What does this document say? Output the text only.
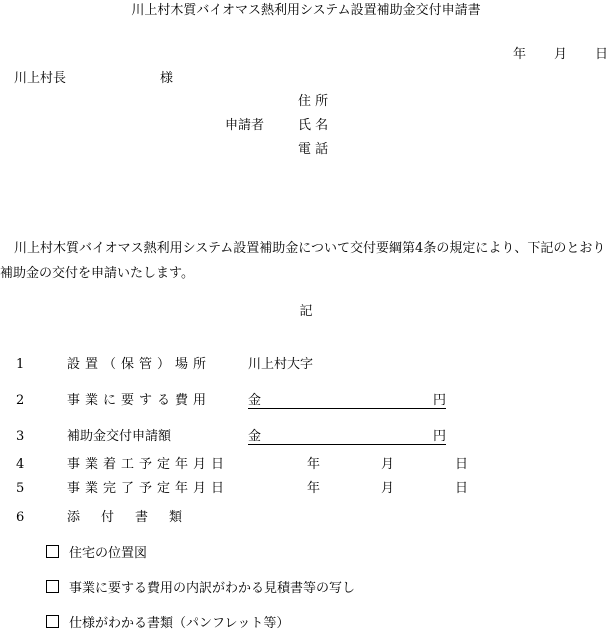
川上村木質バイオマス熱利用システム設置補助金交付申請書
年 月 日
川上村長	様
申請者
住 所
氏 名
電 話
川上村木質バイオマス熱利用システム設置補助金について交付要綱第4条の規定により、下記のとおり補助金の交付を申請いたします。
記
1	設置（保管）場所	川上村大字
2	事業に要する費用	金	円
3	補助金交付申請額	金	円
4	事業着工予定年月日	年	月	日
5	事業完了予定年月日	年	月	日
6	添　付　書　類
住宅の位置図
事業に要する費用の内訳がわかる見積書等の写し
仕様がわかる書類（パンフレット等）
